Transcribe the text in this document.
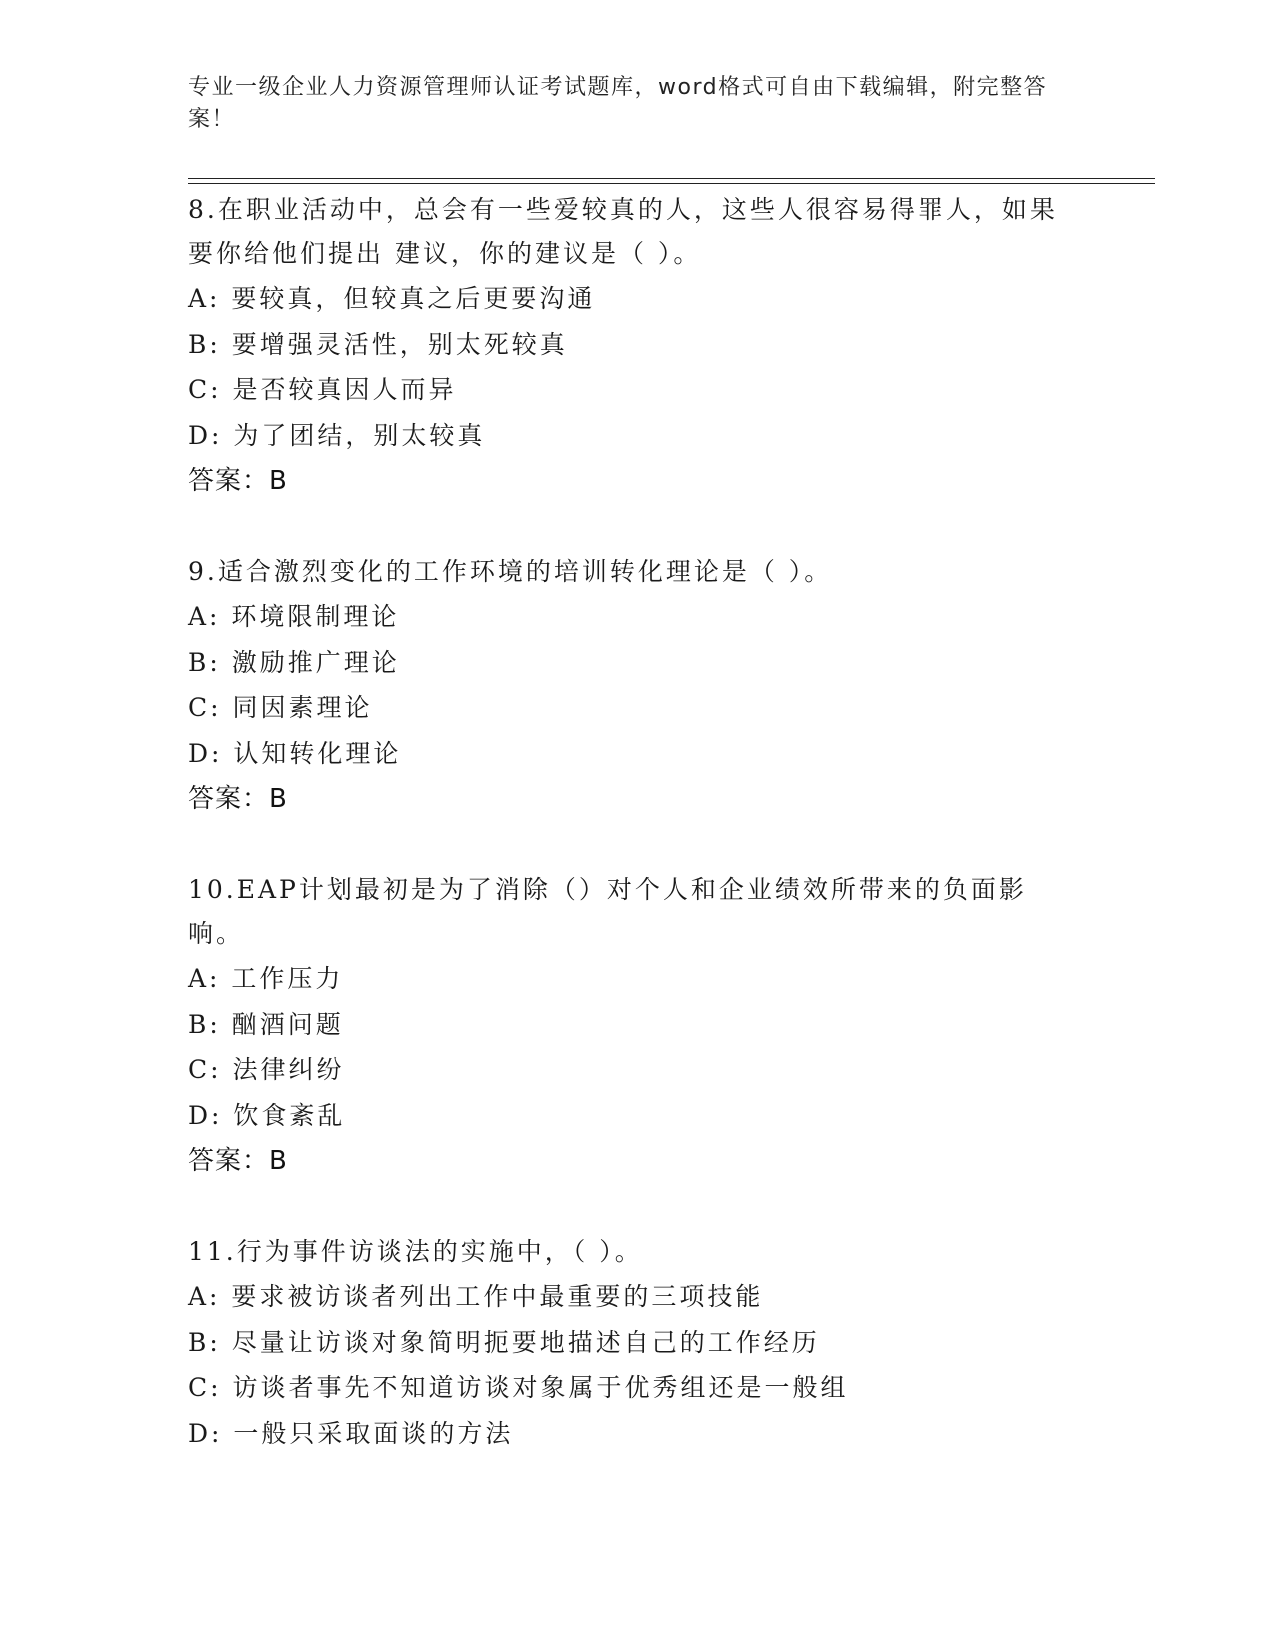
专业一级企业人力资源管理师认证考试题库，word格式可自由下载编辑，附完整答案！
8.在职业活动中，总会有一些爱较真的人，这些人很容易得罪人，如果要你给他们提出 建议，你的建议是（ ）。
A: 要较真，但较真之后更要沟通
B: 要增强灵活性，别太死较真
C: 是否较真因人而异
D: 为了团结，别太较真
答案：B
9.适合激烈变化的工作环境的培训转化理论是（ ）。
A: 环境限制理论
B: 激励推广理论
C: 同因素理论
D: 认知转化理论
答案：B
10.EAP计划最初是为了消除（）对个人和企业绩效所带来的负面影响。
A: 工作压力
B: 酗酒问题
C: 法律纠纷
D: 饮食紊乱
答案：B
11.行为事件访谈法的实施中，（ ）。
A: 要求被访谈者列出工作中最重要的三项技能
B: 尽量让访谈对象简明扼要地描述自己的工作经历
C: 访谈者事先不知道访谈对象属于优秀组还是一般组
D: 一般只采取面谈的方法
